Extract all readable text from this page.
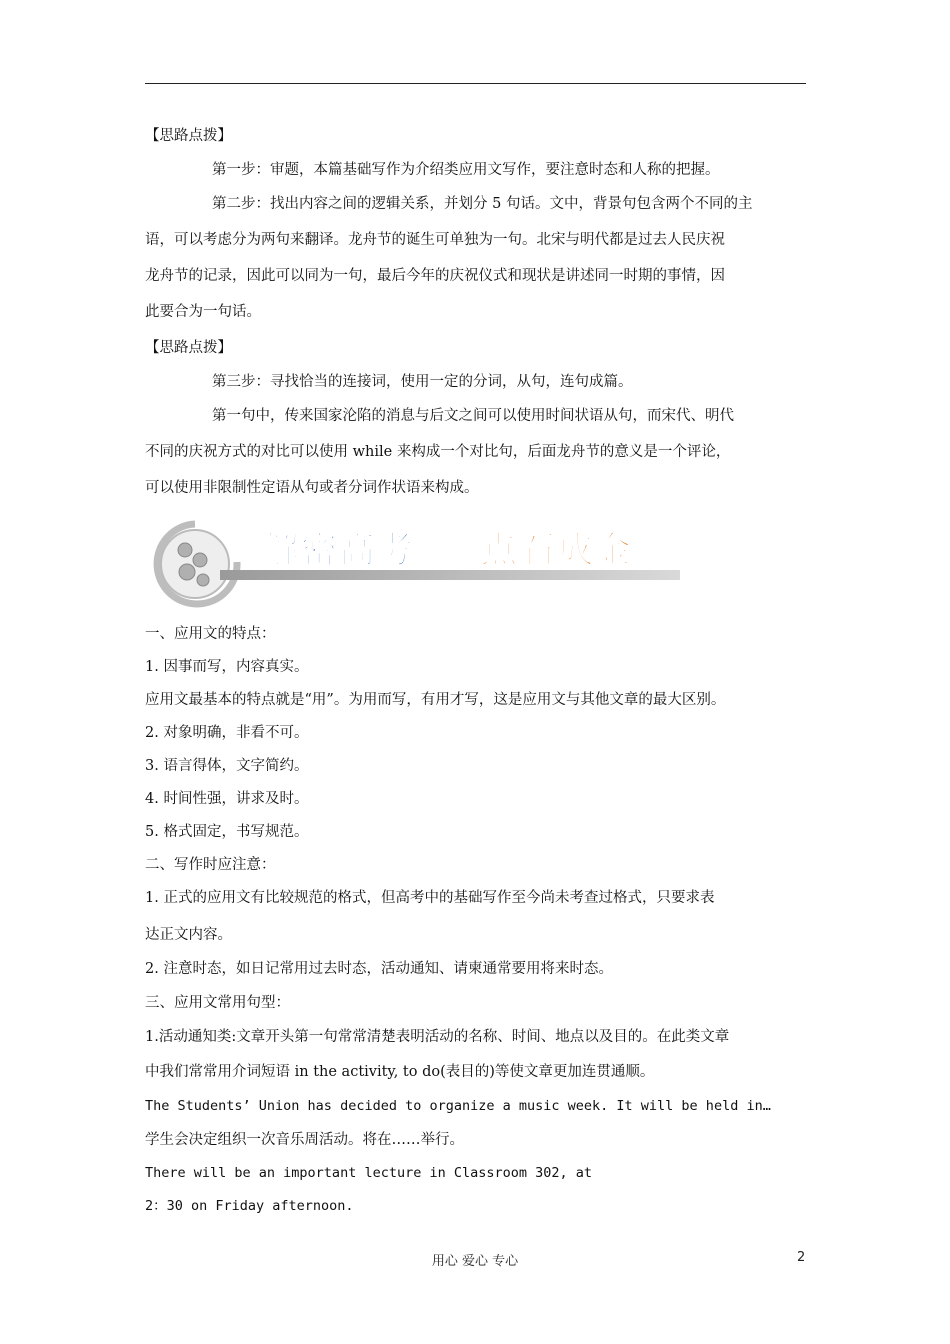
【思路点拨】
第一步：审题，本篇基础写作为介绍类应用文写作，要注意时态和人称的把握。
第二步：找出内容之间的逻辑关系，并划分 5 句话。文中，背景句包含两个不同的主
语，可以考虑分为两句来翻译。龙舟节的诞生可单独为一句。北宋与明代都是过去人民庆祝
龙舟节的记录，因此可以同为一句，最后今年的庆祝仪式和现状是讲述同一时期的事情，因
此要合为一句话。
【思路点拨】
第三步：寻找恰当的连接词，使用一定的分词，从句，连句成篇。
第一句中，传来国家沦陷的消息与后文之间可以使用时间状语从句，而宋代、明代
不同的庆祝方式的对比可以使用 while 来构成一个对比句，后面龙舟节的意义是一个评论，
可以使用非限制性定语从句或者分词作状语来构成。
解密高考 点石成金
一、应用文的特点：
1. 因事而写，内容真实。
应用文最基本的特点就是“用”。为用而写，有用才写，这是应用文与其他文章的最大区别。
2. 对象明确，非看不可。
3. 语言得体，文字简约。
4. 时间性强，讲求及时。
5. 格式固定，书写规范。
二、写作时应注意：
1. 正式的应用文有比较规范的格式，但高考中的基础写作至今尚未考查过格式，只要求表
达正文内容。
2. 注意时态，如日记常用过去时态，活动通知、请柬通常要用将来时态。
三、应用文常用句型：
1.活动通知类:文章开头第一句常常清楚表明活动的名称、时间、地点以及目的。在此类文章
中我们常常用介词短语 in the activity, to do(表目的)等使文章更加连贯通顺。
The Students’ Union has decided to organize a music week. It will be held in…
学生会决定组织一次音乐周活动。将在……举行。
There will be an important lecture in Classroom 302, at
2：30 on Friday afternoon.
用心 爱心 专心	2
